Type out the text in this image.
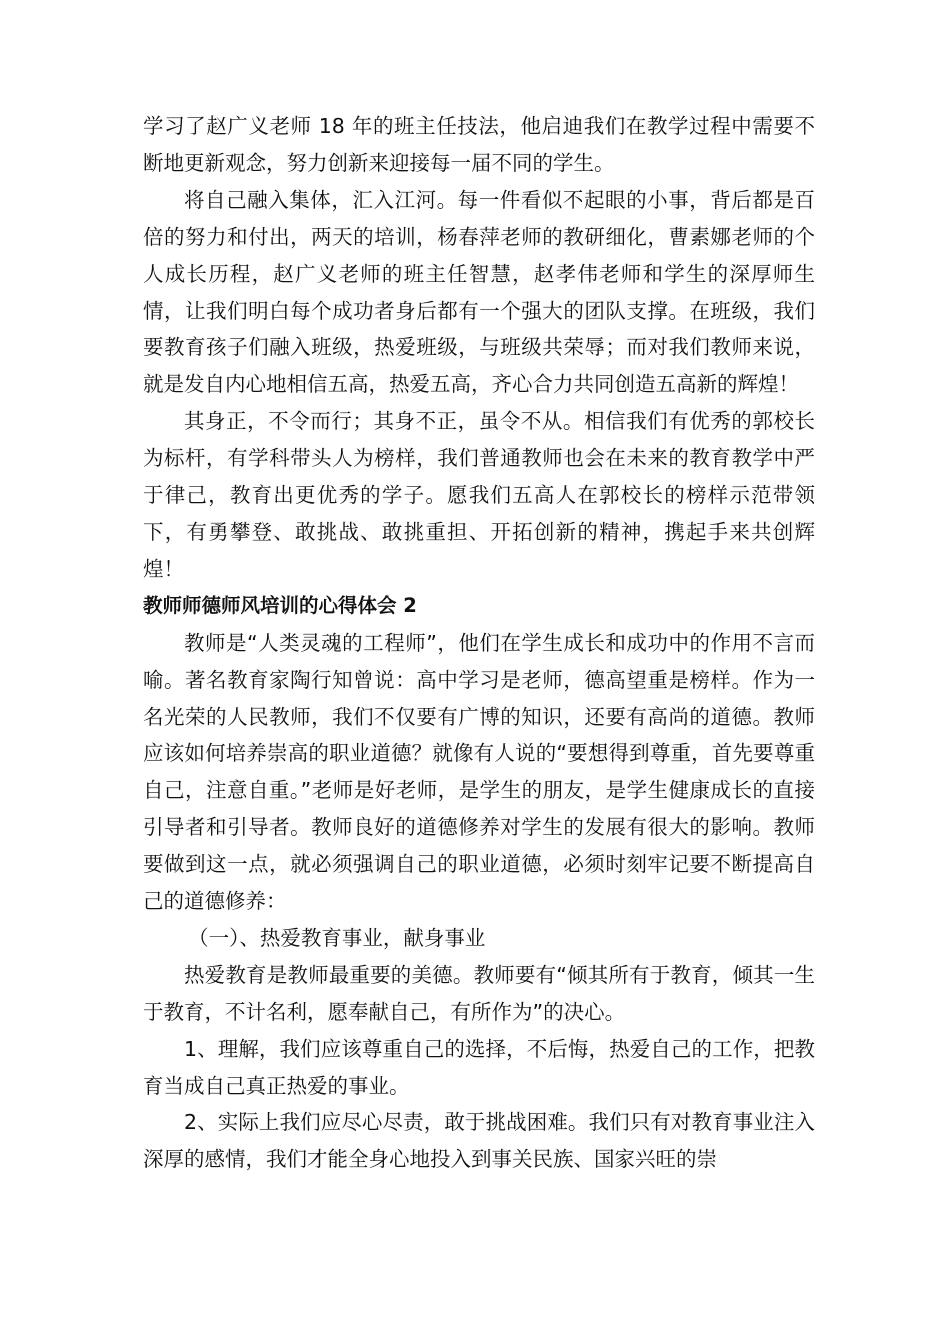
学习了赵广义老师 18 年的班主任技法，他启迪我们在教学过程中需要不断地更新观念，努力创新来迎接每一届不同的学生。

将自己融入集体，汇入江河。每一件看似不起眼的小事，背后都是百倍的努力和付出，两天的培训，杨春萍老师的教研细化，曹素娜老师的个人成长历程，赵广义老师的班主任智慧，赵孝伟老师和学生的深厚师生情，让我们明白每个成功者身后都有一个强大的团队支撑。在班级，我们要教育孩子们融入班级，热爱班级，与班级共荣辱；而对我们教师来说，就是发自内心地相信五高，热爱五高，齐心合力共同创造五高新的辉煌！

其身正，不令而行；其身不正，虽令不从。相信我们有优秀的郭校长为标杆，有学科带头人为榜样，我们普通教师也会在未来的教育教学中严于律己，教育出更优秀的学子。愿我们五高人在郭校长的榜样示范带领下，有勇攀登、敢挑战、敢挑重担、开拓创新的精神，携起手来共创辉煌！

教师师德师风培训的心得体会 2

教师是“人类灵魂的工程师”，他们在学生成长和成功中的作用不言而喻。著名教育家陶行知曾说：高中学习是老师，德高望重是榜样。作为一名光荣的人民教师，我们不仅要有广博的知识，还要有高尚的道德。教师应该如何培养崇高的职业道德？就像有人说的“要想得到尊重，首先要尊重自己，注意自重。”老师是好老师，是学生的朋友，是学生健康成长的直接引导者和引导者。教师良好的道德修养对学生的发展有很大的影响。教师要做到这一点，就必须强调自己的职业道德，必须时刻牢记要不断提高自己的道德修养：

（一）、热爱教育事业，献身事业

热爱教育是教师最重要的美德。教师要有“倾其所有于教育，倾其一生于教育，不计名利，愿奉献自己，有所作为”的决心。

1、理解，我们应该尊重自己的选择，不后悔，热爱自己的工作，把教育当成自己真正热爱的事业。

2、实际上我们应尽心尽责，敢于挑战困难。我们只有对教育事业注入深厚的感情，我们才能全身心地投入到事关民族、国家兴旺的崇
